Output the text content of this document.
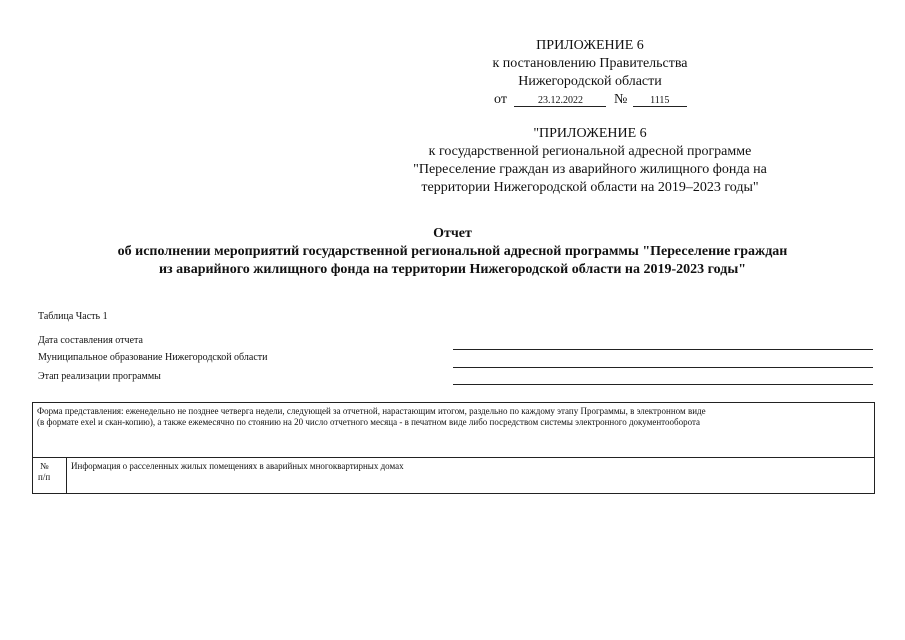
ПРИЛОЖЕНИЕ 6
к постановлению Правительства
Нижегородской области
от	23.12.2022 № 1115
"ПРИЛОЖЕНИЕ 6
к государственной региональной адресной программе
"Переселение граждан из аварийного жилищного фонда на
территории Нижегородской области на 2019–2023 годы"
Отчет
об исполнении мероприятий государственной региональной адресной программы "Переселение граждан
из аварийного жилищного фонда на территории Нижегородской области на 2019-2023 годы"
Таблица Часть 1
Дата составления отчета
Муниципальное образование Нижегородской области
Этап реализации программы
Форма представления: еженедельно не позднее четверга недели, следующей за отчетной, нарастающим итогом, раздельно по каждому этапу Программы, в электронном виде
(в формате exel и скан-копию), а также ежемесячно по стоянию на 20 число отчетного месяца - в печатном виде либо посредством системы электронного документооборота
№
п/п
Информация о расселенных жилых помещениях в аварийных многоквартирных домах
